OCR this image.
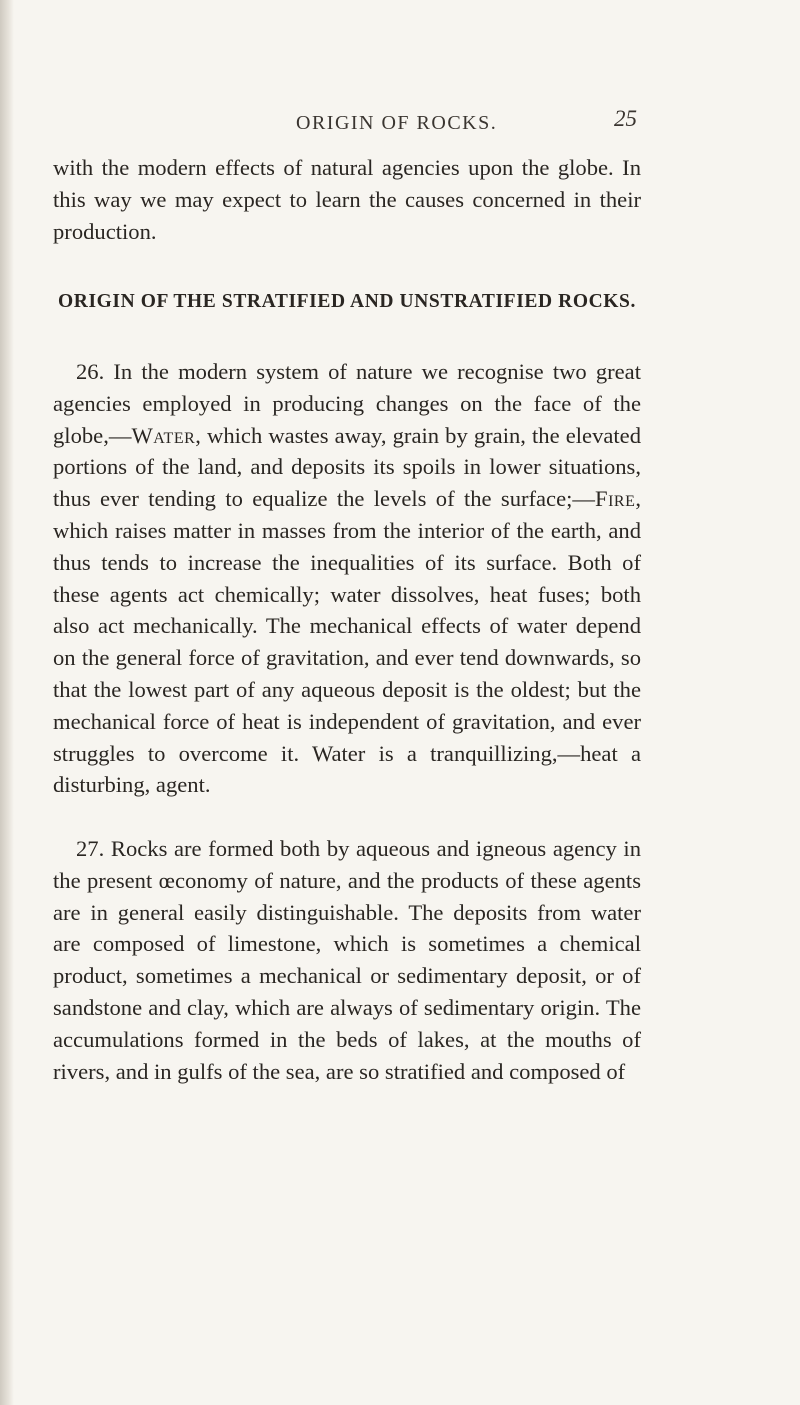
ORIGIN OF ROCKS.	25

with the modern effects of natural agencies upon the globe. In this way we may expect to learn the causes concerned in their production.

ORIGIN OF THE STRATIFIED AND UNSTRATIFIED ROCKS.

26. In the modern system of nature we recognise two great agencies employed in producing changes on the face of the globe,—Water, which wastes away, grain by grain, the elevated portions of the land, and deposits its spoils in lower situations, thus ever tending to equalize the levels of the surface;—Fire, which raises matter in masses from the interior of the earth, and thus tends to increase the inequalities of its surface. Both of these agents act chemically; water dissolves, heat fuses; both also act mechanically. The mechanical effects of water depend on the general force of gravitation, and ever tend downwards, so that the lowest part of any aqueous deposit is the oldest; but the mechanical force of heat is independent of gravitation, and ever struggles to overcome it. Water is a tranquillizing,—heat a disturbing, agent.

27. Rocks are formed both by aqueous and igneous agency in the present œconomy of nature, and the products of these agents are in general easily distinguishable. The deposits from water are composed of limestone, which is sometimes a chemical product, sometimes a mechanical or sedimentary deposit, or of sandstone and clay, which are always of sedimentary origin. The accumulations formed in the beds of lakes, at the mouths of rivers, and in gulfs of the sea, are so stratified and composed of
